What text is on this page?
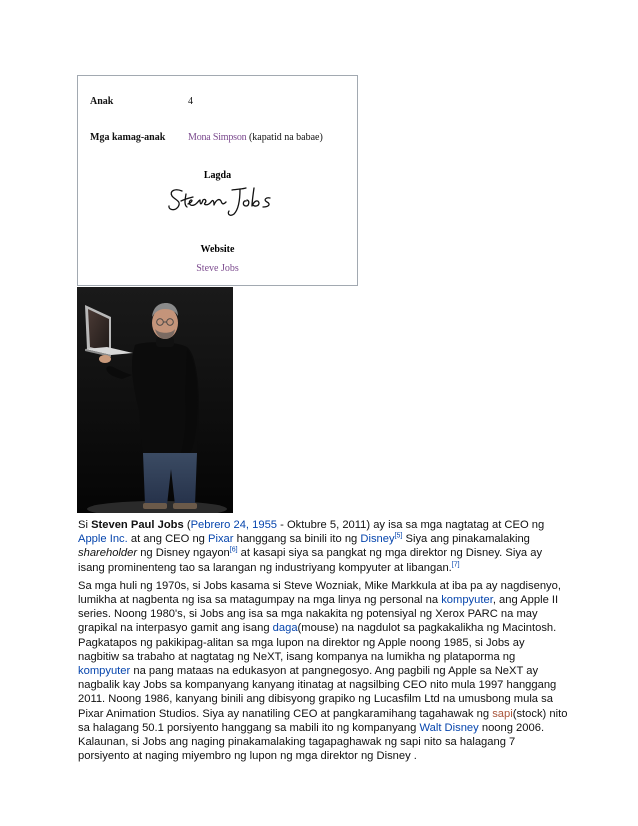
Anak	4
Mga kamag-anak Mona Simpson (kapatid na babae)
Lagda
Website
Steve Jobs

Si Steven Paul Jobs (Pebrero 24, 1955 - Oktubre 5, 2011) ay isa sa mga nagtatag at CEO ng Apple Inc. at ang CEO ng Pixar hanggang sa binili ito ng Disney[5] Siya ang pinakamalaking shareholder ng Disney ngayon[6] at kasapi siya sa pangkat ng mga direktor ng Disney. Siya ay isang prominenteng tao sa larangan ng industriyang kompyuter at libangan.[7]

Sa mga huli ng 1970s, si Jobs kasama si Steve Wozniak, Mike Markkula at iba pa ay nagdisenyo, lumikha at nagbenta ng isa sa matagumpay na mga linya ng personal na kompyuter, ang Apple II series. Noong 1980's, si Jobs ang isa sa mga nakakita ng potensiyal ng Xerox PARC na may grapikal na interpasyo gamit ang isang daga(mouse) na nagdulot sa pagkakalikha ng Macintosh. Pagkatapos ng pakikipag-alitan sa mga lupon na direktor ng Apple noong 1985, si Jobs ay nagbitiw sa trabaho at nagtatag ng NeXT, isang kompanya na lumikha ng plataporma ng kompyuter na pang mataas na edukasyon at pangnegosyo. Ang pagbili ng Apple sa NeXT ay nagbalik kay Jobs sa kompanyang kanyang itinatag at nagsilbing CEO nito mula 1997 hanggang 2011. Noong 1986, kanyang binili ang dibisyong grapiko ng Lucasfilm Ltd na umusbong mula sa Pixar Animation Studios. Siya ay nanatiling CEO at pangkaramihang tagahawak ng sapi(stock) nito sa halagang 50.1 porsiyento hanggang sa mabili ito ng kompanyang Walt Disney noong 2006. Kalaunan, si Jobs ang naging pinakamalaking tagapaghawak ng sapi nito sa halagang 7 porsiyento at naging miyembro ng lupon ng mga direktor ng Disney .
